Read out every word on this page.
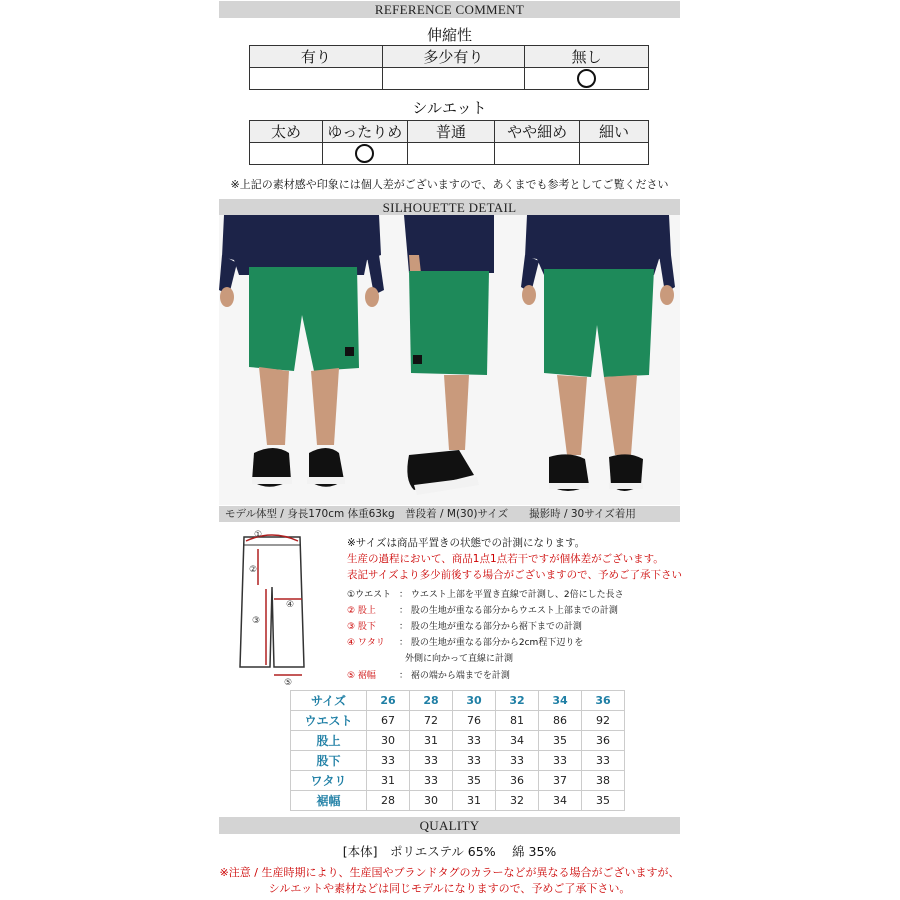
REFERENCE COMMENT
伸縮性
有り	多少有り	無し

シルエット
太め	ゆったりめ	普通	やや細め	細い

※上記の素材感や印象には個人差がございますので、あくまでも参考としてご覧ください
SILHOUETTE DETAIL
モデル体型 / 身長170cm 体重63kg　普段着 / M(30)サイズ　　撮影時 / 30サイズ着用
①
②
③
④
⑤
※サイズは商品平置きの状態での計測になります。
生産の過程において、商品1点1点若干ですが個体差がございます。
表記サイズより多少前後する場合がございますので、予めご了承下さい
①ウエスト ： ウエスト上部を平置き直線で計測し、2倍にした長さ
② 股上	： 股の生地が重なる部分からウエスト上部までの計測
③ 股下	： 股の生地が重なる部分から裾下までの計測
④ ワタリ ： 股の生地が重なる部分から2cm程下辺りを
外側に向かって直線に計測
⑤ 裾幅	： 裾の端から端までを計測
サイズ	26	28	30	32	34	36
ウエスト	67	72	76	81	86	92
股上	30	31	33	34	35	36
股下	33	33	33	33	33	33
ワタリ	31	33	35	36	37	38
裾幅	28	30	31	32	34	35
QUALITY
[本体]　ポリエステル 65%　 綿 35%
※注意 / 生産時期により、生産国やブランドタグのカラーなどが異なる場合がございますが、
シルエットや素材などは同じモデルになりますので、予めご了承下さい。
